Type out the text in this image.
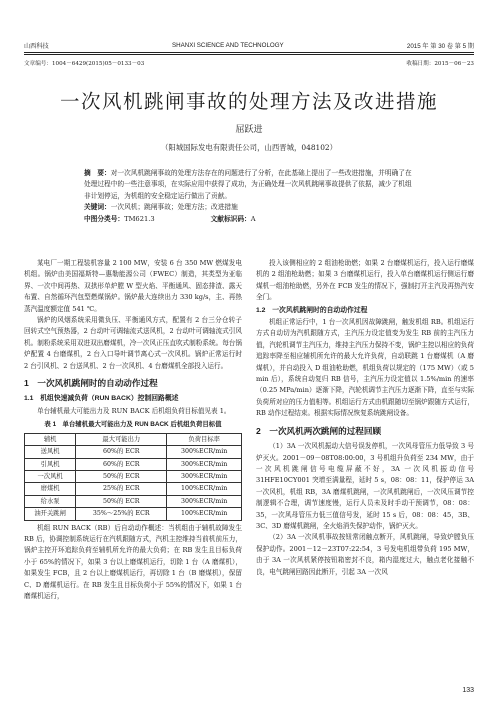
山西科技	SHANXI SCIENCE AND TECHNOLOGY	2015 年 第 30 卷 第 5 期
文章编号：1004－6429(2015)05－0133－03	收稿日期：2015－06－23
一次风机跳闸事故的处理方法及改进措施
屈跃进
（阳城国际发电有限责任公司，山西晋城，048102）

摘　要：对一次风机跳闸事故的处理方法存在的问题进行了分析，在此基础上提出了一些改进措施，并明确了在处理过程中的一些注意事项，在实际应用中获得了成功，为正确处理一次风机跳闸事故提供了依据，减少了机组非计划停运，为机组的安全稳定运行做出了贡献。

关键词：一次风机；跳闸事故；处理方法；改进措施

中图分类号：TM621.3	文献标识码：A

某电厂一期工程装机容量 2 100 MW，安装 6 台 350 MW 燃煤发电机组。锅炉由美国福斯特—惠勒能源公司（FWEC）制造，其类型为亚临界、一次中间再热、双拱形单炉膛 W 型火焰、平衡通风、固态排渣、露天布置、自然循环汽包型燃煤锅炉。锅炉最大连续出力 330 kg/s，主、再热蒸汽温度额定值 541 ℃。

锅炉的风烟系统采用微负压、平衡通风方式，配置有 2 台三分仓转子回转式空气预热器，2 台动叶可调轴流式送风机，2 台动叶可调轴流式引风机。制粉系统采用双进双出磨煤机，冷一次风正压直吹式制粉系统。每台锅炉配置 4 台磨煤机，2 台入口导叶调节离心式一次风机。锅炉正常运行时 2 台引风机、2 台送风机、2 台一次风机、4 台磨煤机全部投入运行。

1　一次风机跳闸时的自动动作过程
1.1　机组快速减负荷（RUN BACK）控制回路概述

单台辅机最大可能出力及 RUN BACK 后机组负荷目标值见表 1。

表 1　单台辅机最大可能出力及 RUN BACK 后机组负荷目标值
辅机	最大可能出力	负荷目标率
送风机	60%的 ECR	300%ECR/min
引风机	60%的 ECR	300%ECR/min
一次风机	50%的 ECR	300%ECR/min
磨煤机	25%的 ECR	100%ECR/min
给水泵	50%的 ECR	300%ECR/min
油开关跳闸	35%～25%的 ECR	100%ECR/min

机组 RUN BACK（RB）后自动动作概述：当机组由于辅机故障发生 RB 后，协调控制系统运行在汽机跟随方式，汽机主控维持当前机前压力，锅炉主控开环追踪负荷至辅机所允许的最大负荷；在 RB 发生且目标负荷小于 65%的情况下，如果 3 台以上磨煤机运行，切除 1 台（A 磨煤机），如果发生 FCB，且 2 台以上磨煤机运行，再切除 1 台（B 磨煤机），保留 C、D 磨煤机运行。在 RB 发生且目标负荷小于 55%的情况下，如果 1 台磨煤机运行，

投入该侧相应的 2 组油枪助燃；如果 2 台磨煤机运行，投入运行磨煤机的 2 组油枪助燃；如果 3 台磨煤机运行，投入单台磨煤机运行侧运行磨煤机一组油枪助燃，另外在 FCB 发生的情况下，强制打开主汽及再热汽安全门。

1.2　一次风机跳闸时的自动动作过程

机组正常运行中，1 台一次风机因故障跳闸，触发机组 RB。机组运行方式自动切为汽机跟随方式，主汽压力设定值变为发生 RB 前的主汽压力值，汽轮机调节主汽压力，维持主汽压力保持不变，锅炉主控以相应的负荷追踪率降至相应辅机所允许的最大允许负荷，自动联跳 1 台磨煤机（A 磨煤机），并自动投入 D 组油枪助燃，机组负荷以规定的（175 MW）（或 5 min 后），系统自动复归 RB 信号，主汽压力设定值以 1.5%/min 的速率（0.25 MPa/min）逐渐下降，汽轮机调节主汽压力逐渐下降，直至与实际负荷所对应的压力值相等。机组运行方式由机跟随切至锅炉跟随方式运行，RB 动作过程结束。根据实际情况恢复系统跳闸设备。

2　一次风机两次跳闸的过程回顾

（1）3A 一次风机振动大信号误发停机，一次风母管压力低导致 3 号炉灭火。2001－09－08T08:00:00，3 号机组升负荷至 234 MW，由于一次风机跳闸信号电缆屏蔽不好，3A 一次风机振动信号 31HFE10CY001 突增至满量程，延时 5 s，08：08：11，保护停运 3A 一次风机，机组 RB，3A 磨煤机跳闸，一次风机跳闸后，一次风压调节控制逻辑不合理，调节速度慢，运行人员未及时手动干预调节，08：08：35，一次风母管压力低三值信号发，延时 15 s 后，08：08：45，3B、3C、3D 磨煤机跳闸，全火焰消失保护动作，锅炉灭火。

（2）3A 一次风机事故按钮常闭触点断开，风机跳闸，导致炉膛负压保护动作。2001－12－23T07:22:54，3 号发电机组带负荷 195 MW，由于 3A 一次风机紧停按钮箱密封不良，箱内湿度过大，触点老化接触不良，电气跳闸回路因此断开，引起 3A 一次风

133
